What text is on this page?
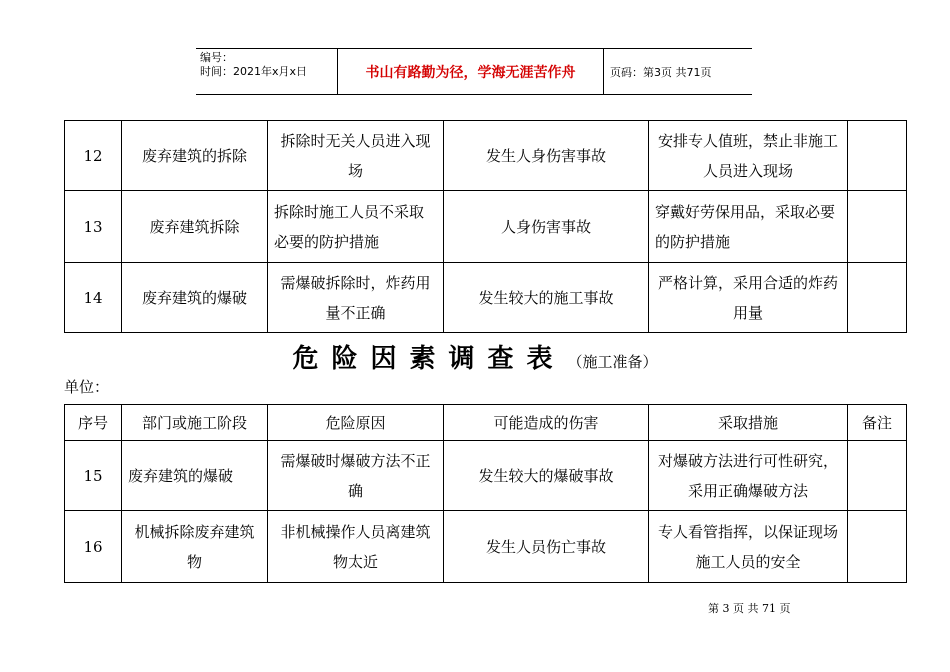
编号：
时间：2021年x月x日	书山有路勤为径，学海无涯苦作舟	页码：第3页 共71页
12	废弃建筑的拆除	拆除时无关人员进入现场	发生人身伤害事故	安排专人值班，禁止非施工人员进入现场	
13	废弃建筑拆除	拆除时施工人员不采取必要的防护措施	人身伤害事故	穿戴好劳保用品，采取必要的防护措施	
14	废弃建筑的爆破	需爆破拆除时，炸药用量不正确	发生较大的施工事故	严格计算，采用合适的炸药用量	
危险因素调查表 （施工准备）
单位：
序号	部门或施工阶段	危险原因	可能造成的伤害	采取措施	备注
15	废弃建筑的爆破	需爆破时爆破方法不正确	发生较大的爆破事故	对爆破方法进行可性研究，采用正确爆破方法	
16	机械拆除废弃建筑物	非机械操作人员离建筑物太近	发生人员伤亡事故	专人看管指挥，以保证现场施工人员的安全	
第 3 页 共 71 页
